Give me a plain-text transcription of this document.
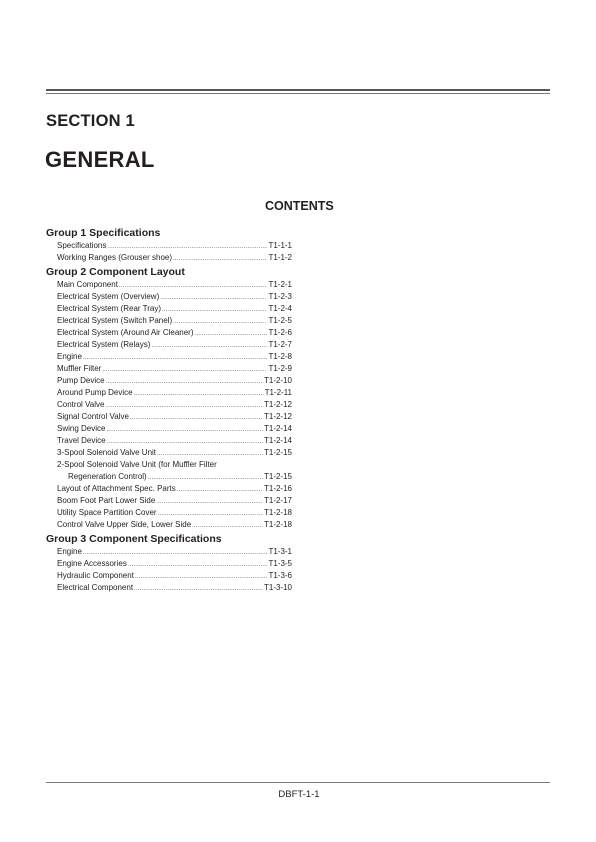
SECTION 1
GENERAL
CONTENTS
Group 1 Specifications
Specifications .....	T1-1-1
Working Ranges (Grouser shoe) .....	T1-1-2
Group 2 Component Layout
Main Component .....	T1-2-1
Electrical System (Overview) .....	T1-2-3
Electrical System (Rear Tray) .....	T1-2-4
Electrical System (Switch Panel) .....	T1-2-5
Electrical System (Around Air Cleaner) .....	T1-2-6
Electrical System (Relays) .....	T1-2-7
Engine .....	T1-2-8
Muffler Filter .....	T1-2-9
Pump Device .....	T1-2-10
Around Pump Device .....	T1-2-11
Control Valve .....	T1-2-12
Signal Control Valve .....	T1-2-12
Swing Device .....	T1-2-14
Travel Device .....	T1-2-14
3-Spool Solenoid Valve Unit .....	T1-2-15
2-Spool Solenoid Valve Unit (for Muffler Filter
Regeneration Control) .....	T1-2-15
Layout of Attachment Spec. Parts .....	T1-2-16
Boom Foot Part Lower Side .....	T1-2-17
Utility Space Partition Cover .....	T1-2-18
Control Valve Upper Side, Lower Side .....	T1-2-18
Group 3 Component Specifications
Engine .....	T1-3-1
Engine Accessories .....	T1-3-5
Hydraulic Component .....	T1-3-6
Electrical Component .....	T1-3-10
DBFT-1-1
